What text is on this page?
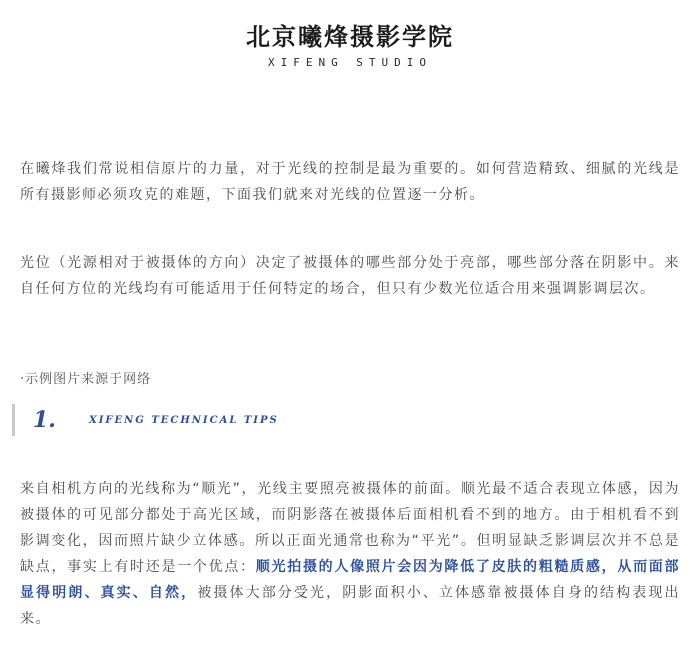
北京曦烽摄影学院
XIFENG STUDIO

在曦烽我们常说相信原片的力量，对于光线的控制是最为重要的。如何营造精致、细腻的光线是所有摄影师必须攻克的难题，下面我们就来对光线的位置逐一分析。

光位（光源相对于被摄体的方向）决定了被摄体的哪些部分处于亮部，哪些部分落在阴影中。来自任何方位的光线均有可能适用于任何特定的场合，但只有少数光位适合用来强调影调层次。

·示例图片来源于网络
1.	XIFENG TECHNICAL TIPS

来自相机方向的光线称为“顺光”，光线主要照亮被摄体的前面。顺光最不适合表现立体感，因为被摄体的可见部分都处于高光区域，而阴影落在被摄体后面相机看不到的地方。由于相机看不到影调变化，因而照片缺少立体感。所以正面光通常也称为“平光”。但明显缺乏影调层次并不总是缺点，事实上有时还是一个优点：顺光拍摄的人像照片会因为降低了皮肤的粗糙质感，从而面部显得明朗、真实、自然，被摄体大部分受光，阴影面积小、立体感靠被摄体自身的结构表现出来。
